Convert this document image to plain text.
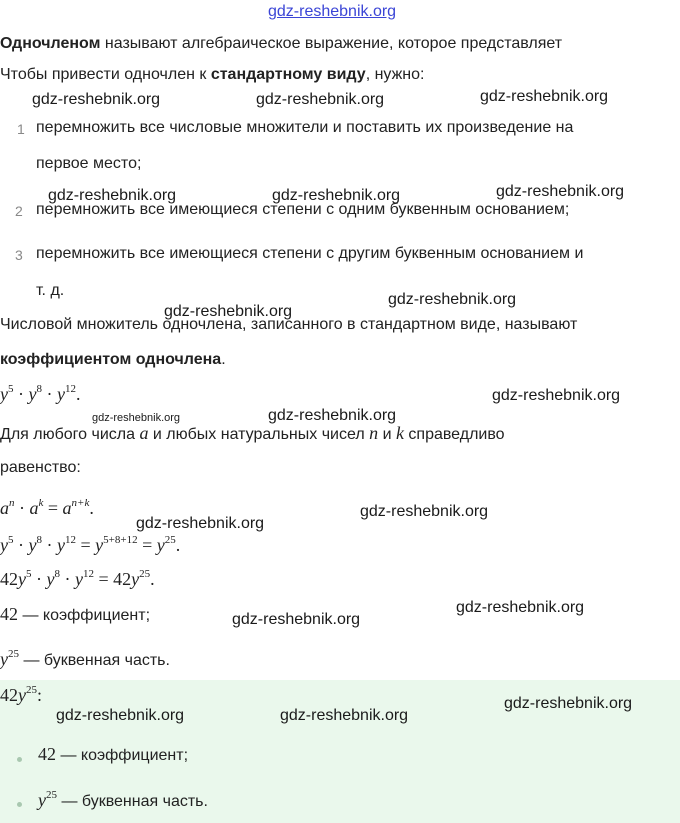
gdz-reshebnik.org
Одночленом называют алгебраическое выражение, которое представляет
Чтобы привести одночлен к стандартному виду, нужно:
gdz-reshebnik.org	gdz-reshebnik.org	gdz-reshebnik.org
1 перемножить все числовые множители и поставить их произведение на
первое место;
gdz-reshebnik.org	gdz-reshebnik.org	gdz-reshebnik.org
2 перемножить все имеющиеся степени с одним буквенным основанием;
3 перемножить все имеющиеся степени с другим буквенным основанием и
т. д.
gdz-reshebnik.org
gdz-reshebnik.org
Числовой множитель одночлена, записанного в стандартном виде, называют
коэффициентом одночлена.
$y^5 \cdot y^8 \cdot y^{12}$.	gdz-reshebnik.org
gdz-reshebnik.org	gdz-reshebnik.org
Для любого числа a и любых натуральных чисел n и k справедливо
равенство:
$a^n \cdot a^k = a^{n+k}$.
gdz-reshebnik.org
gdz-reshebnik.org
$y^5 \cdot y^8 \cdot y^{12} = y^{5+8+12} = y^{25}$.
$42y^5 \cdot y^8 \cdot y^{12} = 42y^{25}$.
42 — коэффициент;	gdz-reshebnik.org
gdz-reshebnik.org
$y^{25}$ — буквенная часть.
$42y^{25}$:
gdz-reshebnik.org	gdz-reshebnik.org
gdz-reshebnik.org
42 — коэффициент;
$y^{25}$ — буквенная часть.
